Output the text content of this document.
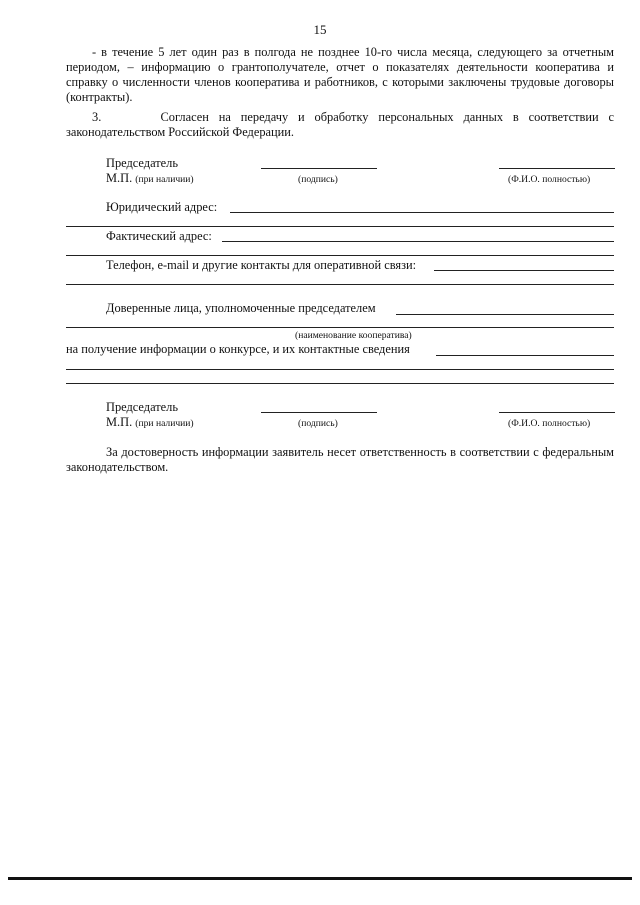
15
- в течение 5 лет один раз в полгода не позднее 10-го числа месяца, следующего за отчетным периодом, – информацию о грантополучателе, отчет о показателях деятельности кооператива и справку о численности членов кооператива и работников, с которыми заключены трудовые договоры (контракты).
3.	Согласен на передачу и обработку персональных данных в соответствии с законодательством Российской Федерации.
Председатель
М.П. (при наличии)	(подпись)	(Ф.И.О. полностью)
Юридический адрес:
Фактический адрес:
Телефон, e-mail и другие контакты для оперативной связи:
Доверенные лица, уполномоченные председателем
(наименование кооператива)
на получение информации о конкурсе, и их контактные сведения
Председатель
М.П. (при наличии)	(подпись)	(Ф.И.О. полностью)
За достоверность информации заявитель несет ответственность в соответствии с федеральным законодательством.
